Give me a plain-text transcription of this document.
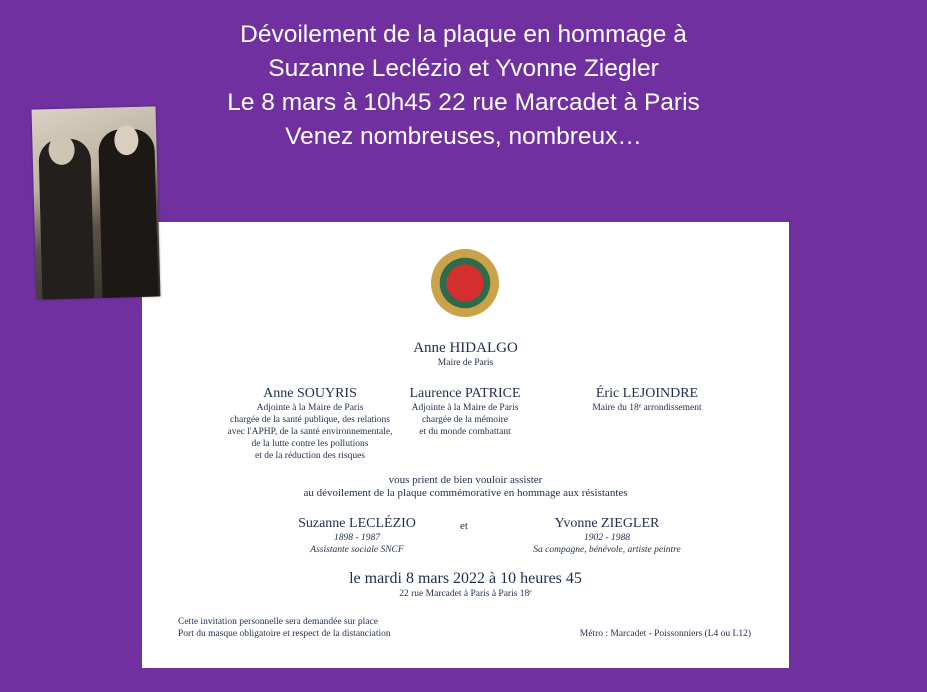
Dévoilement de la plaque en hommage à
Suzanne Leclézio et Yvonne Ziegler
Le 8 mars à 10h45 22 rue Marcadet à Paris
Venez nombreuses, nombreux…
Anne HIDALGO
Maire de Paris
Anne SOUYRIS
Adjointe à la Maire de Paris
chargée de la santé publique, des relations
avec l'APHP, de la santé environnementale,
de la lutte contre les pollutions
et de la réduction des risques
Laurence PATRICE
Adjointe à la Maire de Paris
chargée de la mémoire
et du monde combattant
Éric LEJOINDRE
Maire du 18ᵉ arrondissement
vous prient de bien vouloir assister
au dévoilement de la plaque commémorative en hommage aux résistantes
Suzanne LECLÉZIO
1898 - 1987
Assistante sociale SNCF
et	Yvonne ZIEGLER
1902 - 1988
Sa compagne, bénévole, artiste peintre
le mardi 8 mars 2022 à 10 heures 45
22 rue Marcadet à Paris à Paris 18ᵉ
Cette invitation personnelle sera demandée sur place
Port du masque obligatoire et respect de la distanciation	Métro : Marcadet - Poissonniers (L4 ou L12)
